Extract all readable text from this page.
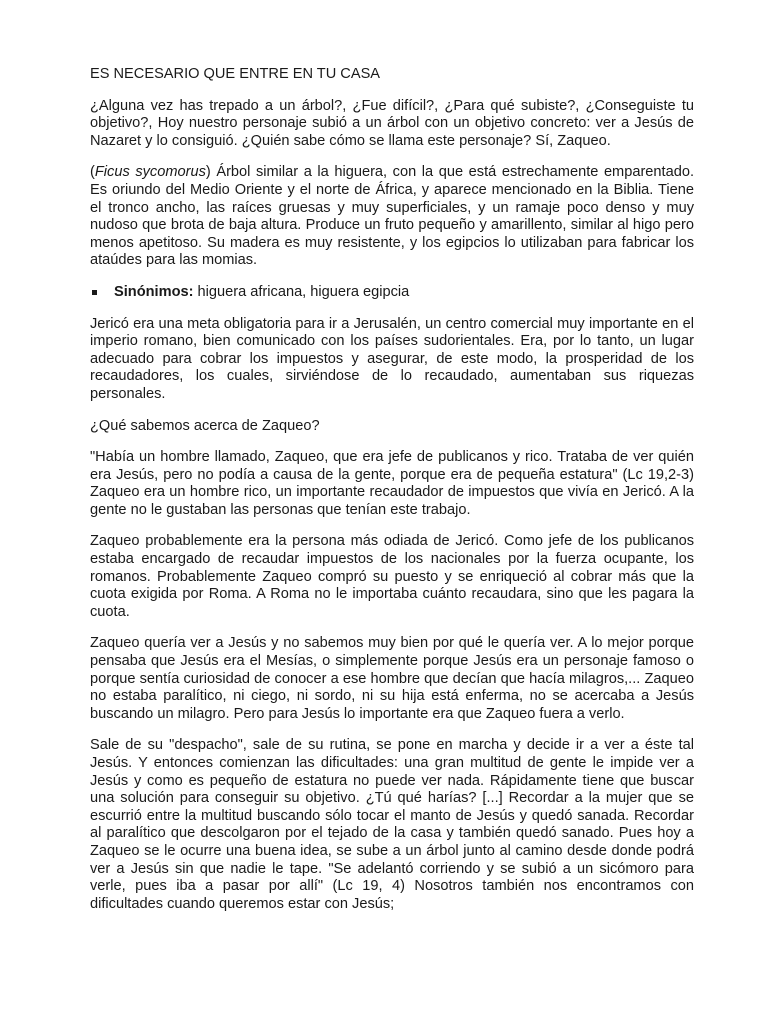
ES NECESARIO QUE ENTRE EN TU CASA

¿Alguna vez has trepado a un árbol?, ¿Fue difícil?, ¿Para qué subiste?, ¿Conseguiste tu objetivo?, Hoy nuestro personaje subió a un árbol con un objetivo concreto: ver a Jesús de Nazaret y lo consiguió. ¿Quién sabe cómo se llama este personaje? Sí, Zaqueo.

(Ficus sycomorus) Árbol similar a la higuera, con la que está estrechamente emparentado. Es oriundo del Medio Oriente y el norte de África, y aparece mencionado en la Biblia. Tiene el tronco ancho, las raíces gruesas y muy superficiales, y un ramaje poco denso y muy nudoso que brota de baja altura. Produce un fruto pequeño y amarillento, similar al higo pero menos apetitoso. Su madera es muy resistente, y los egipcios lo utilizaban para fabricar los ataúdes para las momias.

Sinónimos: higuera africana, higuera egipcia

Jericó era una meta obligatoria para ir a Jerusalén, un centro comercial muy importante en el imperio romano, bien comunicado con los países sudorientales. Era, por lo tanto, un lugar adecuado para cobrar los impuestos y asegurar, de este modo, la prosperidad de los recaudadores, los cuales, sirviéndose de lo recaudado, aumentaban sus riquezas personales.

¿Qué sabemos acerca de Zaqueo?

"Había un hombre llamado, Zaqueo, que era jefe de publicanos y rico. Trataba de ver quién era Jesús, pero no podía a causa de la gente, porque era de pequeña estatura" (Lc 19,2-3) Zaqueo era un hombre rico, un importante recaudador de impuestos que vivía en Jericó. A la gente no le gustaban las personas que tenían este trabajo.

Zaqueo probablemente era la persona más odiada de Jericó. Como jefe de los publicanos estaba encargado de recaudar impuestos de los nacionales por la fuerza ocupante, los romanos. Probablemente Zaqueo compró su puesto y se enriqueció al cobrar más que la cuota exigida por Roma. A Roma no le importaba cuánto recaudara, sino que les pagara la cuota.

Zaqueo quería ver a Jesús y no sabemos muy bien por qué le quería ver. A lo mejor porque pensaba que Jesús era el Mesías, o simplemente porque Jesús era un personaje famoso o porque sentía curiosidad de conocer a ese hombre que decían que hacía milagros,... Zaqueo no estaba paralítico, ni ciego, ni sordo, ni su hija está enferma, no se acercaba a Jesús buscando un milagro. Pero para Jesús lo importante era que Zaqueo fuera a verlo.

Sale de su "despacho", sale de su rutina, se pone en marcha y decide ir a ver a éste tal Jesús. Y entonces comienzan las dificultades: una gran multitud de gente le impide ver a Jesús y como es pequeño de estatura no puede ver nada. Rápidamente tiene que buscar una solución para conseguir su objetivo. ¿Tú qué harías? [...] Recordar a la mujer que se escurrió entre la multitud buscando sólo tocar el manto de Jesús y quedó sanada. Recordar al paralítico que descolgaron por el tejado de la casa y también quedó sanado. Pues hoy a Zaqueo se le ocurre una buena idea, se sube a un árbol junto al camino desde donde podrá ver a Jesús sin que nadie le tape. "Se adelantó corriendo y se subió a un sicómoro para verle, pues iba a pasar por allí" (Lc 19, 4) Nosotros también nos encontramos con dificultades cuando queremos estar con Jesús;
